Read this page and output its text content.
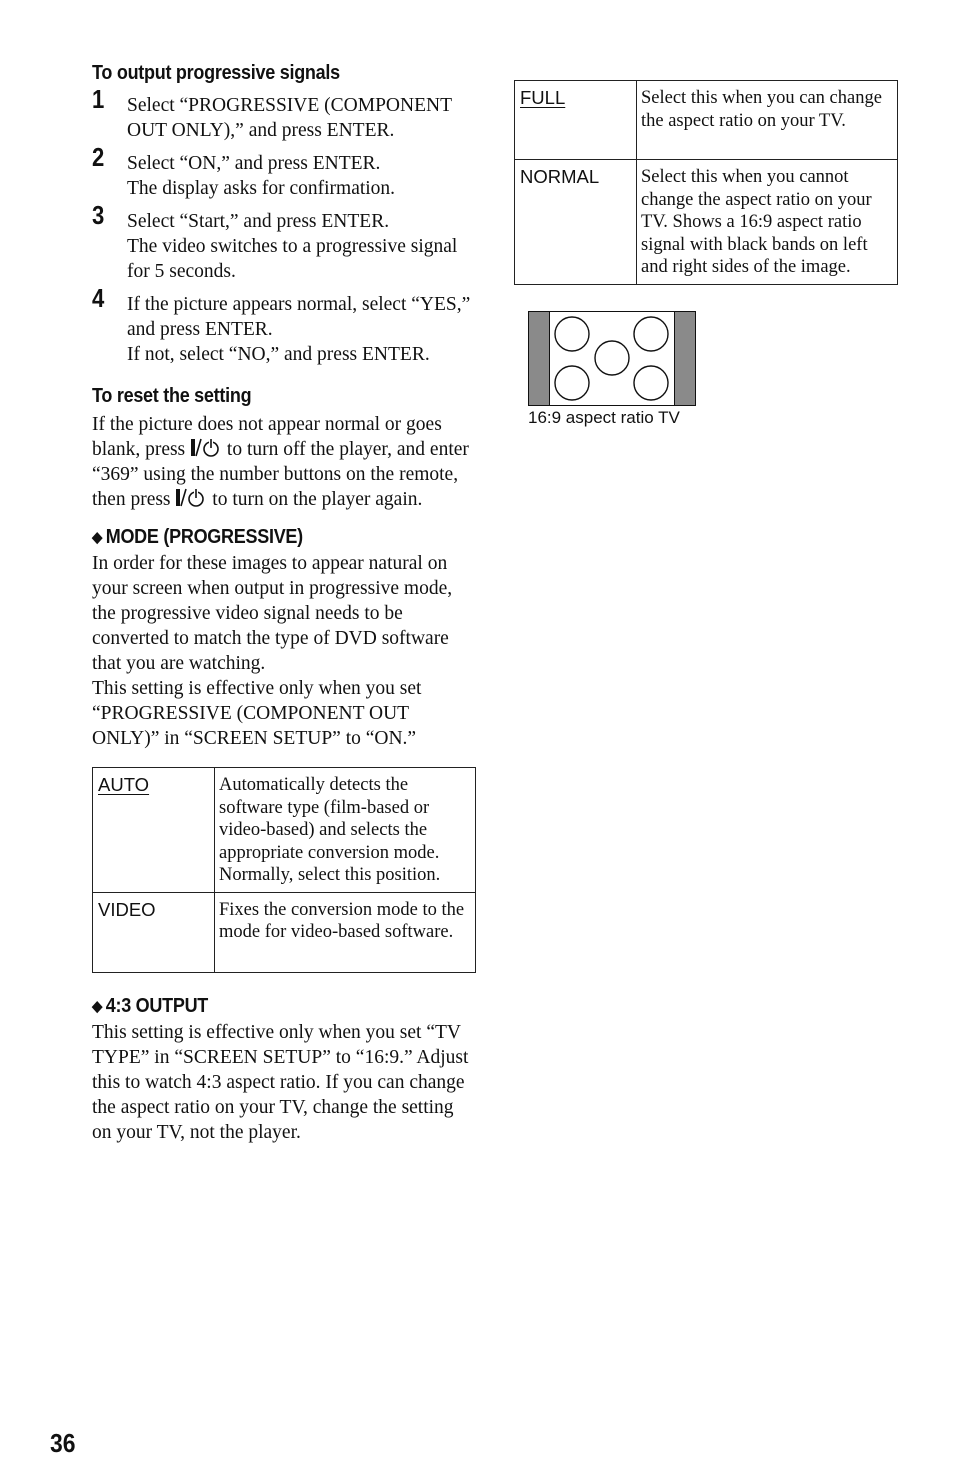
To output progressive signals
1 Select “PROGRESSIVE (COMPONENT OUT ONLY),” and press ENTER.
2 Select “ON,” and press ENTER.
The display asks for confirmation.
3 Select “Start,” and press ENTER.
The video switches to a progressive signal for 5 seconds.
4 If the picture appears normal, select “YES,” and press ENTER.
If not, select “NO,” and press ENTER.
To reset the setting

If the picture does not appear normal or goes blank, press to turn off the player, and enter “369” using the number buttons on the remote, then press to turn on the player again.

◆ MODE (PROGRESSIVE)

In order for these images to appear natural on your screen when output in progressive mode, the progressive video signal needs to be converted to match the type of DVD software that you are watching.

This setting is effective only when you set “PROGRESSIVE (COMPONENT OUT ONLY)” in “SCREEN SETUP” to “ON.”

AUTO	Automatically detects the software type (film-based or video-based) and selects the appropriate conversion mode. Normally, select this position.
VIDEO	Fixes the conversion mode to the mode for video-based software.
◆ 4:3 OUTPUT

This setting is effective only when you set “TV TYPE” in “SCREEN SETUP” to “16:9.” Adjust this to watch 4:3 aspect ratio. If you can change the aspect ratio on your TV, change the setting on your TV, not the player.

FULL	Select this when you can change the aspect ratio on your TV.
NORMAL	Select this when you cannot change the aspect ratio on your TV. Shows a 16:9 aspect ratio signal with black bands on left and right sides of the image.
16:9 aspect ratio TV
36
